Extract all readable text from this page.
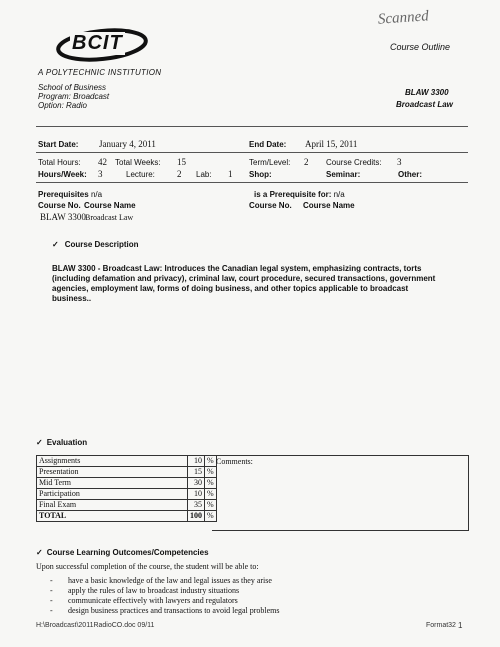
Scanned
BCIT
A POLYTECHNIC INSTITUTION
Course Outline
School of Business
Program: Broadcast
Option: Radio
BLAW 3300
Broadcast Law
Start Date: January 4, 2011	End Date: April 15, 2011
Total Hours: 42 Total Weeks: 15	Term/Level: 2 Course Credits: 3
Hours/Week: 3	Lecture: 2 Lab: 1 Shop:	Seminar:	Other:
Prerequisites n/a
Course No. Course Name
BLAW 3300 Broadcast Law
is a Prerequisite for: n/a
Course No. Course Name
✓ Course Description
BLAW 3300 - Broadcast Law: Introduces the Canadian legal system, emphasizing contracts, torts
(including defamation and privacy), criminal law, court procedure, secured transactions, government
agencies, employment law, forms of doing business, and other topics applicable to broadcast
business..
✓ Evaluation
Assignments	10	%
Presentation	15	%
Mid Term	30	%
Participation	10	%
Final Exam	35	%
TOTAL	100	%
Comments:
✓ Course Learning Outcomes/Competencies
Upon successful completion of the course, the student will be able to:
- have a basic knowledge of the law and legal issues as they arise
- apply the rules of law to broadcast industry situations
- communicate effectively with lawyers and regulators
- design business practices and transactions to avoid legal problems
H:\Broadcast\2011RadioCO.doc 09/11	Format32 1
